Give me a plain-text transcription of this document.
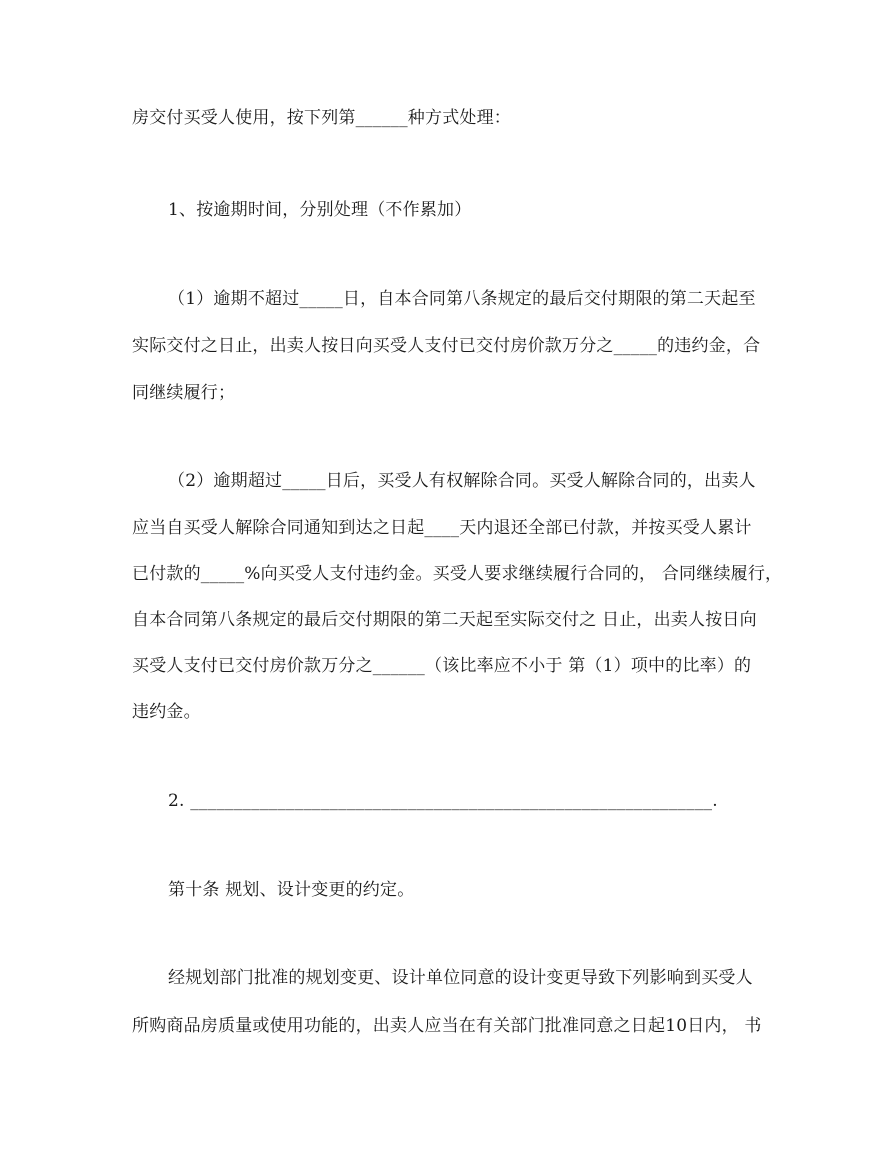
房交付买受人使用，按下列第______种方式处理：
1、按逾期时间，分别处理（不作累加）
（1）逾期不超过_____日，自本合同第八条规定的最后交付期限的第二天起至
实际交付之日止，出卖人按日向买受人支付已交付房价款万分之_____的违约金，合
同继续履行；
（2）逾期超过_____日后，买受人有权解除合同。买受人解除合同的，出卖人
应当自买受人解除合同通知到达之日起____天内退还全部已付款，并按买受人累计
已付款的_____%向买受人支付违约金。买受人要求继续履行合同的， 合同继续履行，
自本合同第八条规定的最后交付期限的第二天起至实际交付之 日止，出卖人按日向
买受人支付已交付房价款万分之______（该比率应不小于 第（1）项中的比率）的
违约金。
2. ____________________________________________________________.
第十条 规划、设计变更的约定。
经规划部门批准的规划变更、设计单位同意的设计变更导致下列影响到买受人
所购商品房质量或使用功能的，出卖人应当在有关部门批准同意之日起10日内， 书
